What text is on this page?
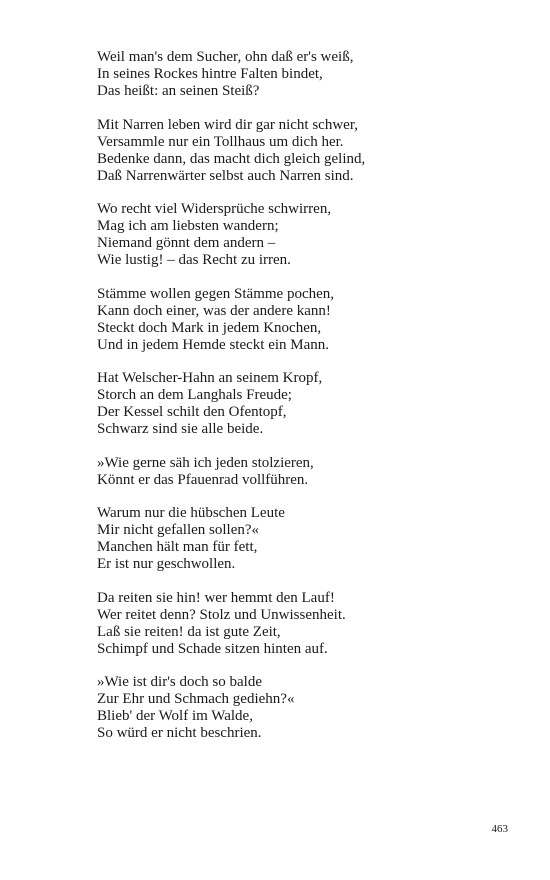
Weil man's dem Sucher, ohn daß er's weiß,
In seines Rockes hintre Falten bindet,
Das heißt: an seinen Steiß?
Mit Narren leben wird dir gar nicht schwer,
Versammle nur ein Tollhaus um dich her.
Bedenke dann, das macht dich gleich gelind,
Daß Narrenwärter selbst auch Narren sind.
Wo recht viel Widersprüche schwirren,
Mag ich am liebsten wandern;
Niemand gönnt dem andern –
Wie lustig! – das Recht zu irren.
Stämme wollen gegen Stämme pochen,
Kann doch einer, was der andere kann!
Steckt doch Mark in jedem Knochen,
Und in jedem Hemde steckt ein Mann.
Hat Welscher-Hahn an seinem Kropf,
Storch an dem Langhals Freude;
Der Kessel schilt den Ofentopf,
Schwarz sind sie alle beide.
»Wie gerne säh ich jeden stolzieren,
Könnt er das Pfauenrad vollführen.
Warum nur die hübschen Leute
Mir nicht gefallen sollen?«
Manchen hält man für fett,
Er ist nur geschwollen.
Da reiten sie hin! wer hemmt den Lauf!
Wer reitet denn? Stolz und Unwissenheit.
Laß sie reiten! da ist gute Zeit,
Schimpf und Schade sitzen hinten auf.
»Wie ist dir's doch so balde
Zur Ehr und Schmach gediehn?«
Blieb' der Wolf im Walde,
So würd er nicht beschrien.
463
